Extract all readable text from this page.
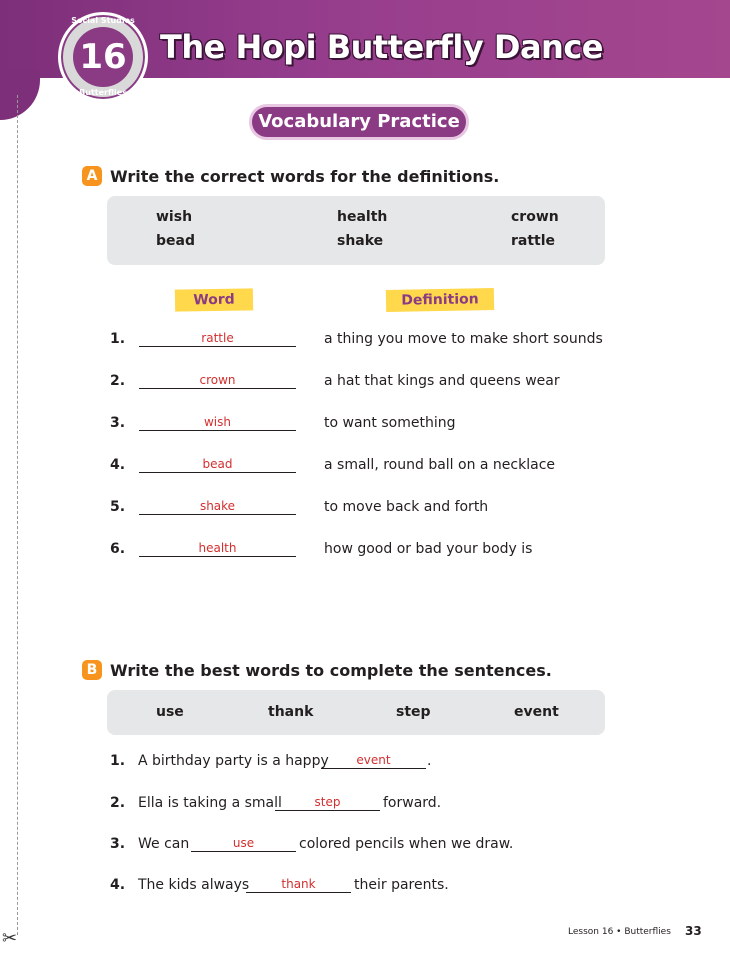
✂
Social Studies
16
Butterflies
The Hopi Butterfly Dance
Vocabulary Practice
A Write the correct words for the definitions.
wish	health	crown
bead	shake	rattle
Word	Definition
1.	rattle	a thing you move to make short sounds
2.	crown	a hat that kings and queens wear
3.	wish	to want something
4.	bead	a small, round ball on a necklace
5.	shake	to move back and forth
6.	health	how good or bad your body is
B Write the best words to complete the sentences.
use	thank	step	event
1. A birthday party is a happy	event	.
2. Ella is taking a small	step	forward.
3. We can	use	colored pencils when we draw.
4. The kids always	thank	their parents.
Lesson 16 • Butterflies 33
